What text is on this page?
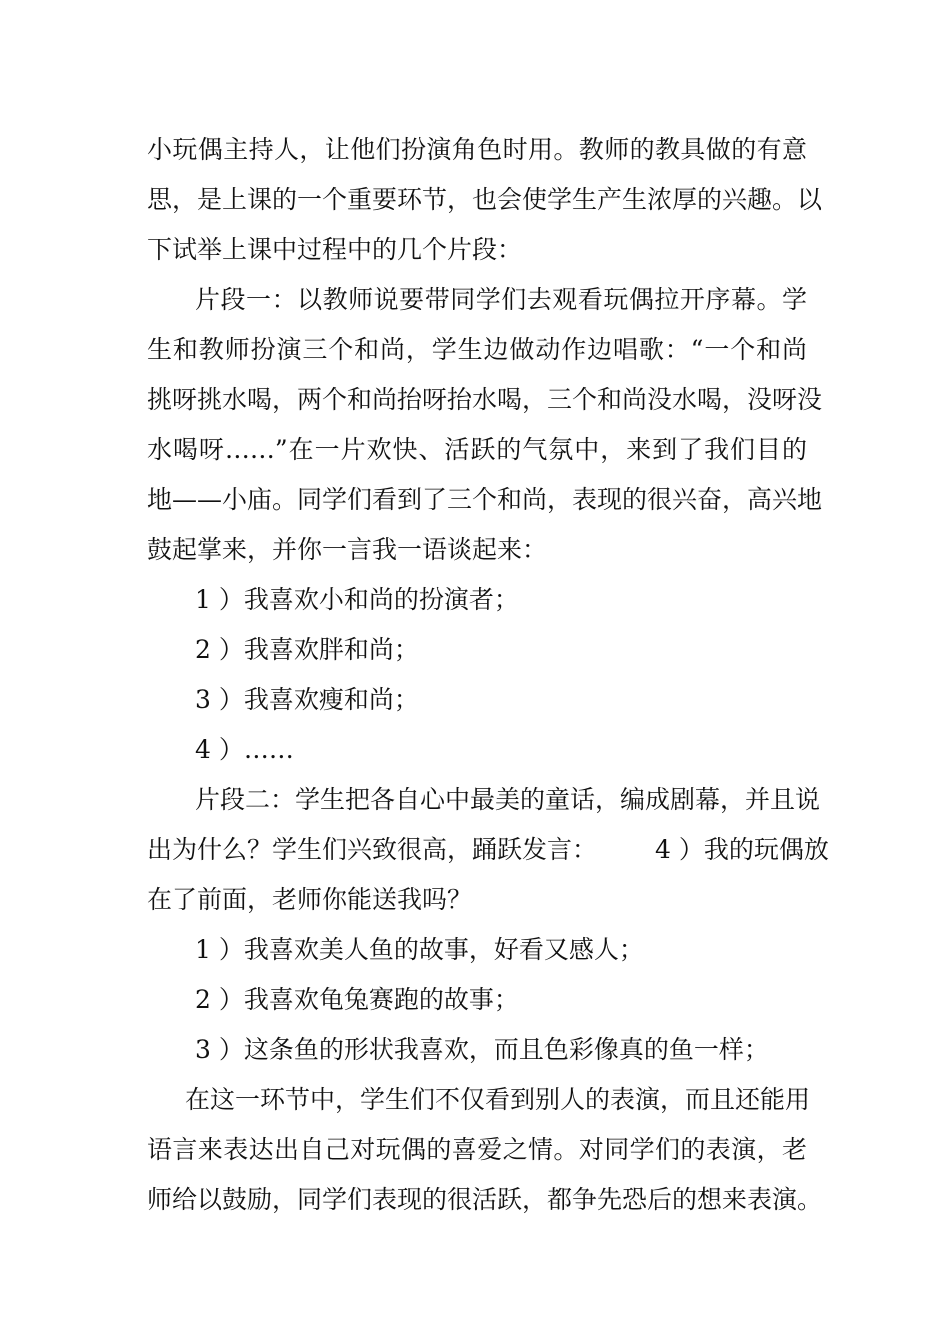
小玩偶主持人，让他们扮演角色时用。教师的教具做的有意
思，是上课的一个重要环节，也会使学生产生浓厚的兴趣。以
下试举上课中过程中的几个片段：
片段一：以教师说要带同学们去观看玩偶拉开序幕。学
生和教师扮演三个和尚，学生边做动作边唱歌：“一个和尚
挑呀挑水喝，两个和尚抬呀抬水喝，三个和尚没水喝，没呀没
水喝呀……”在一片欢快、活跃的气氛中，来到了我们目的
地——小庙。同学们看到了三个和尚，表现的很兴奋，高兴地
鼓起掌来，并你一言我一语谈起来：
1 ）我喜欢小和尚的扮演者；
2 ）我喜欢胖和尚；
3 ）我喜欢瘦和尚；
4 ）……
片段二：学生把各自心中最美的童话，编成剧幕，并且说
出为什么？学生们兴致很高，踊跃发言： 4 ）我的玩偶放
在了前面，老师你能送我吗？
1 ）我喜欢美人鱼的故事，好看又感人；
2 ）我喜欢龟兔赛跑的故事；
3 ）这条鱼的形状我喜欢，而且色彩像真的鱼一样；
在这一环节中，学生们不仅看到别人的表演，而且还能用
语言来表达出自己对玩偶的喜爱之情。对同学们的表演，老
师给以鼓励，同学们表现的很活跃，都争先恐后的想来表演。
